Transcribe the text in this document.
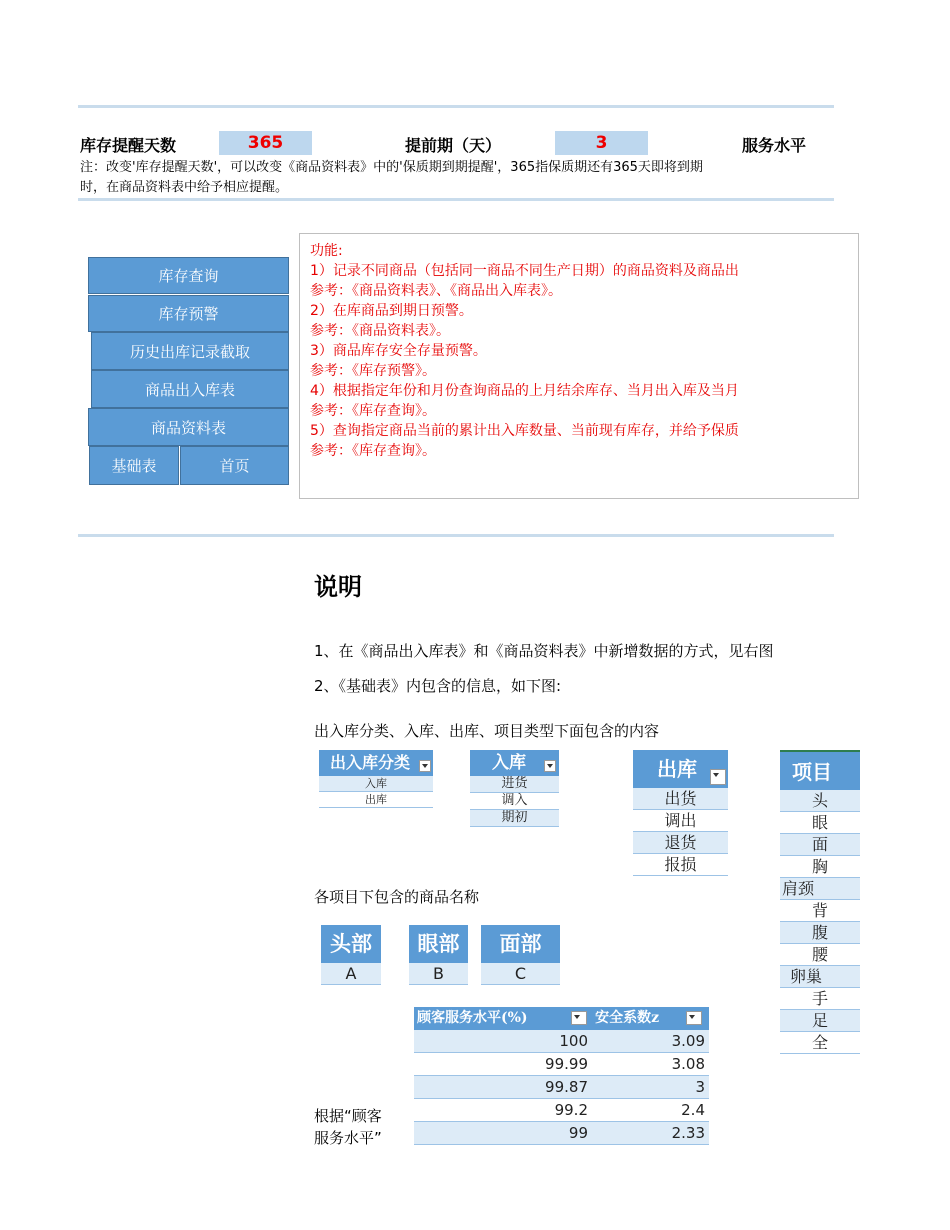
库存提醒天数	365	提前期（天）	3	服务水平
注：改变'库存提醒天数'，可以改变《商品资料表》中的'保质期到期提醒'，365指保质期还有365天即将到期
时，在商品资料表中给予相应提醒。
库存查询
库存预警
历史出库记录截取
商品出入库表
商品资料表
基础表	首页
功能:
1）记录不同商品（包括同一商品不同生产日期）的商品资料及商品出
参考：《商品资料表》、《商品出入库表》。
2）在库商品到期日预警。
参考：《商品资料表》。
3）商品库存安全存量预警。
参考：《库存预警》。
4）根据指定年份和月份查询商品的上月结余库存、当月出入库及当月
参考：《库存查询》。
5）查询指定商品当前的累计出入库数量、当前现有库存，并给予保质
参考：《库存查询》。
说明
1、在《商品出入库表》和《商品资料表》中新增数据的方式，见右图
2、《基础表》内包含的信息，如下图:
出入库分类、入库、出库、项目类型下面包含的内容
各项目下包含的商品名称
根据“顾客
服务水平”
出入库分类
入库
出库
入库
进货
调入
期初
出库
出货
调出
退货
报损
项目
头
眼
面
胸
肩颈
背
腹
腰
卵巢
手
足
全
头部
A
眼部
B
面部
C
顾客服务水平(%)	安全系数z
100	3.09
99.99	3.08
99.87	3
99.2	2.4
99	2.33
